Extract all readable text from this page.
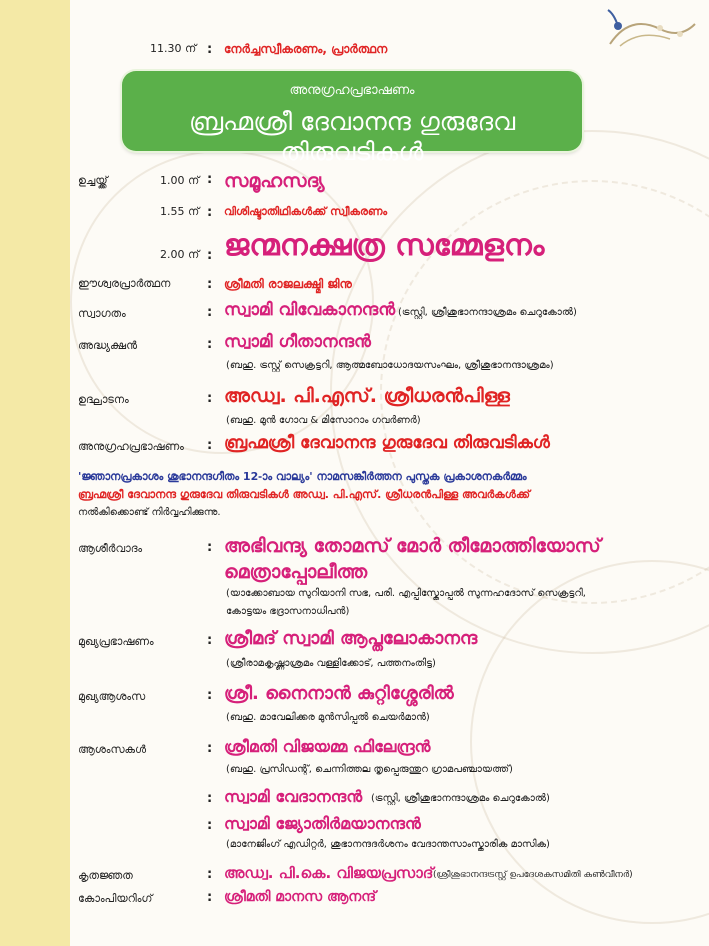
11.30 ന് : നേർച്ചസ്വീകരണം, പ്രാർത്ഥന
അനുഗ്രഹപ്രഭാഷണം
ബ്രഹ്മശ്രീ ദേവാനന്ദ ഗുരുദേവ തിരുവടികൾ
ഉച്ചയ്ക്ക്	1.00 ന് : സമൂഹസദ്യ
1.55 ന് : വിശിഷ്ടാതിഥികൾക്ക് സ്വീകരണം
2.00 ന് : ജന്മനക്ഷത്ര സമ്മേളനം
ഈശ്വരപ്രാർത്ഥന	: ശ്രീമതി രാജലക്ഷ്മി ജിനു
സ്വാഗതം	: സ്വാമി വിവേകാനന്ദൻ (ട്രസ്റ്റി, ശ്രീശുഭാനന്ദാശ്രമം ചെറുകോൽ)
അദ്ധ്യക്ഷൻ	: സ്വാമി ഗീതാനന്ദൻ
(ബഹു. ട്രസ്റ്റ് സെക്രട്ടറി, ആത്മബോധോദയസംഘം, ശ്രീശുഭാനന്ദാശ്രമം)
ഉദ്ഘാടനം	: അഡ്വ. പി.എസ്. ശ്രീധരൻപിള്ള
(ബഹു. മുൻ ഗോവ & മിസോറാം ഗവർണർ)
അനുഗ്രഹപ്രഭാഷണം : ബ്രഹ്മശ്രീ ദേവാനന്ദ ഗുരുദേവ തിരുവടികൾ
'ജ്ഞാനപ്രകാശം ശുഭാനന്ദഗീതം 12-ാം വാല്യം' നാമസങ്കീർത്തന പുസ്തക പ്രകാശനകർമ്മം
ബ്രഹ്മശ്രീ ദേവാനന്ദ ഗുരുദേവ തിരുവടികൾ അഡ്വ. പി.എസ്. ശ്രീധരൻപിള്ള അവർകൾക്ക്
നൽകിക്കൊണ്ട് നിർവ്വഹിക്കുന്നു.
ആശീർവാദം	: അഭിവന്ദ്യ തോമസ് മോർ തീമോത്തിയോസ്
മെത്രാപ്പോലീത്ത
(യാക്കോബായ സുറിയാനി സഭ, പരി. എപ്പിസ്കോപ്പൽ സുന്നഹദോസ് സെക്രട്ടറി,
കോട്ടയം ഭദ്രാസനാധിപൻ)
മുഖ്യപ്രഭാഷണം	: ശ്രീമദ് സ്വാമി ആപ്തലോകാനന്ദ
(ശ്രീരാമകൃഷ്ണാശ്രമം വള്ളിക്കോട്, പത്തനംതിട്ട)
മുഖ്യആശംസ	: ശ്രീ. നൈനാൻ കുറ്റിശ്ശേരിൽ
(ബഹു. മാവേലിക്കര മുൻസിപ്പൽ ചെയർമാൻ)
ആശംസകൾ	: ശ്രീമതി വിജയമ്മ ഫിലേന്ദ്രൻ
(ബഹു. പ്രസിഡന്റ്, ചെന്നിത്തല തൃപ്പെരുന്തുറ ഗ്രാമപഞ്ചായത്ത്)
: സ്വാമി വേദാനന്ദൻ (ട്രസ്റ്റി, ശ്രീശുഭാനന്ദാശ്രമം ചെറുകോൽ)
: സ്വാമി ജ്യോതിർമയാനന്ദൻ
(മാനേജിംഗ് എഡിറ്റർ, ശുഭാനന്ദദർശനം വേദാന്തസാംസ്കാരിക മാസിക)
കൃതജ്ഞത	: അഡ്വ. പി.കെ. വിജയപ്രസാദ് (ശ്രീശുഭാനന്ദട്രസ്റ്റ് ഉപദേശകസമിതി കൺവീനർ)
കോംപിയറിംഗ്	: ശ്രീമതി മാനസ ആനന്ദ്
